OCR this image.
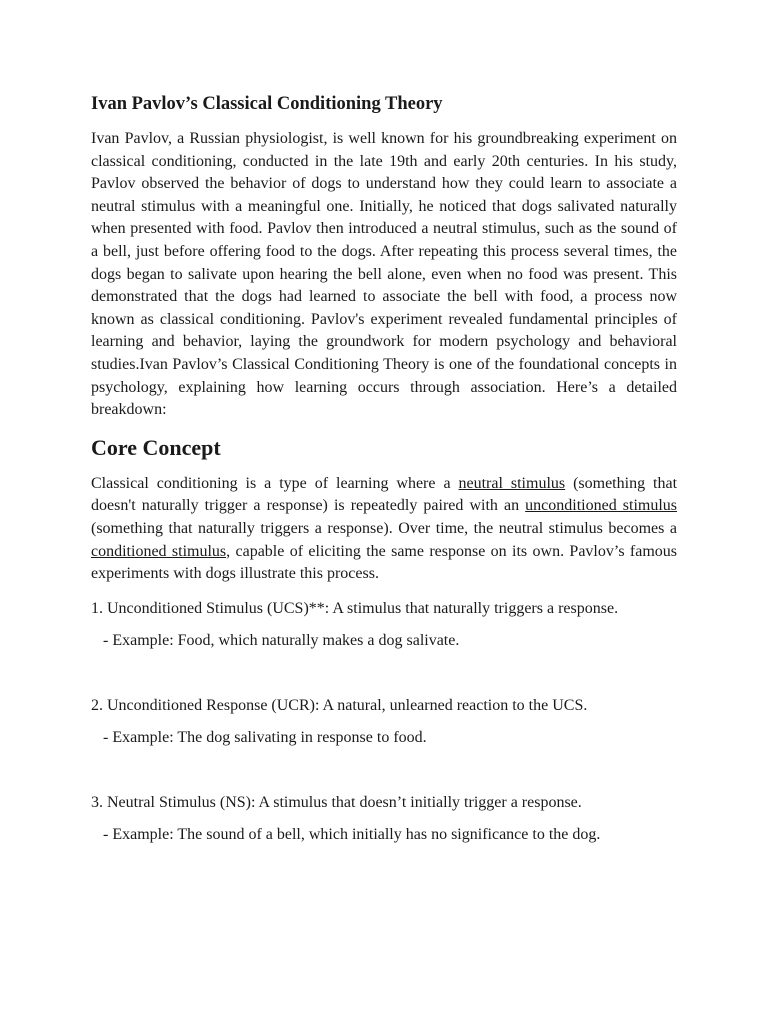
Ivan Pavlov’s Classical Conditioning Theory

Ivan Pavlov, a Russian physiologist, is well known for his groundbreaking experiment on classical conditioning, conducted in the late 19th and early 20th centuries. In his study, Pavlov observed the behavior of dogs to understand how they could learn to associate a neutral stimulus with a meaningful one. Initially, he noticed that dogs salivated naturally when presented with food. Pavlov then introduced a neutral stimulus, such as the sound of a bell, just before offering food to the dogs. After repeating this process several times, the dogs began to salivate upon hearing the bell alone, even when no food was present. This demonstrated that the dogs had learned to associate the bell with food, a process now known as classical conditioning. Pavlov's experiment revealed fundamental principles of learning and behavior, laying the groundwork for modern psychology and behavioral studies.Ivan Pavlov’s Classical Conditioning Theory is one of the foundational concepts in psychology, explaining how learning occurs through association. Here’s a detailed breakdown:

Core Concept

Classical conditioning is a type of learning where a neutral stimulus (something that doesn't naturally trigger a response) is repeatedly paired with an unconditioned stimulus (something that naturally triggers a response). Over time, the neutral stimulus becomes a conditioned stimulus, capable of eliciting the same response on its own. Pavlov’s famous experiments with dogs illustrate this process.

1. Unconditioned Stimulus (UCS)**: A stimulus that naturally triggers a response.

- Example: Food, which naturally makes a dog salivate.

2. Unconditioned Response (UCR): A natural, unlearned reaction to the UCS.

- Example: The dog salivating in response to food.

3. Neutral Stimulus (NS): A stimulus that doesn’t initially trigger a response.

- Example: The sound of a bell, which initially has no significance to the dog.
